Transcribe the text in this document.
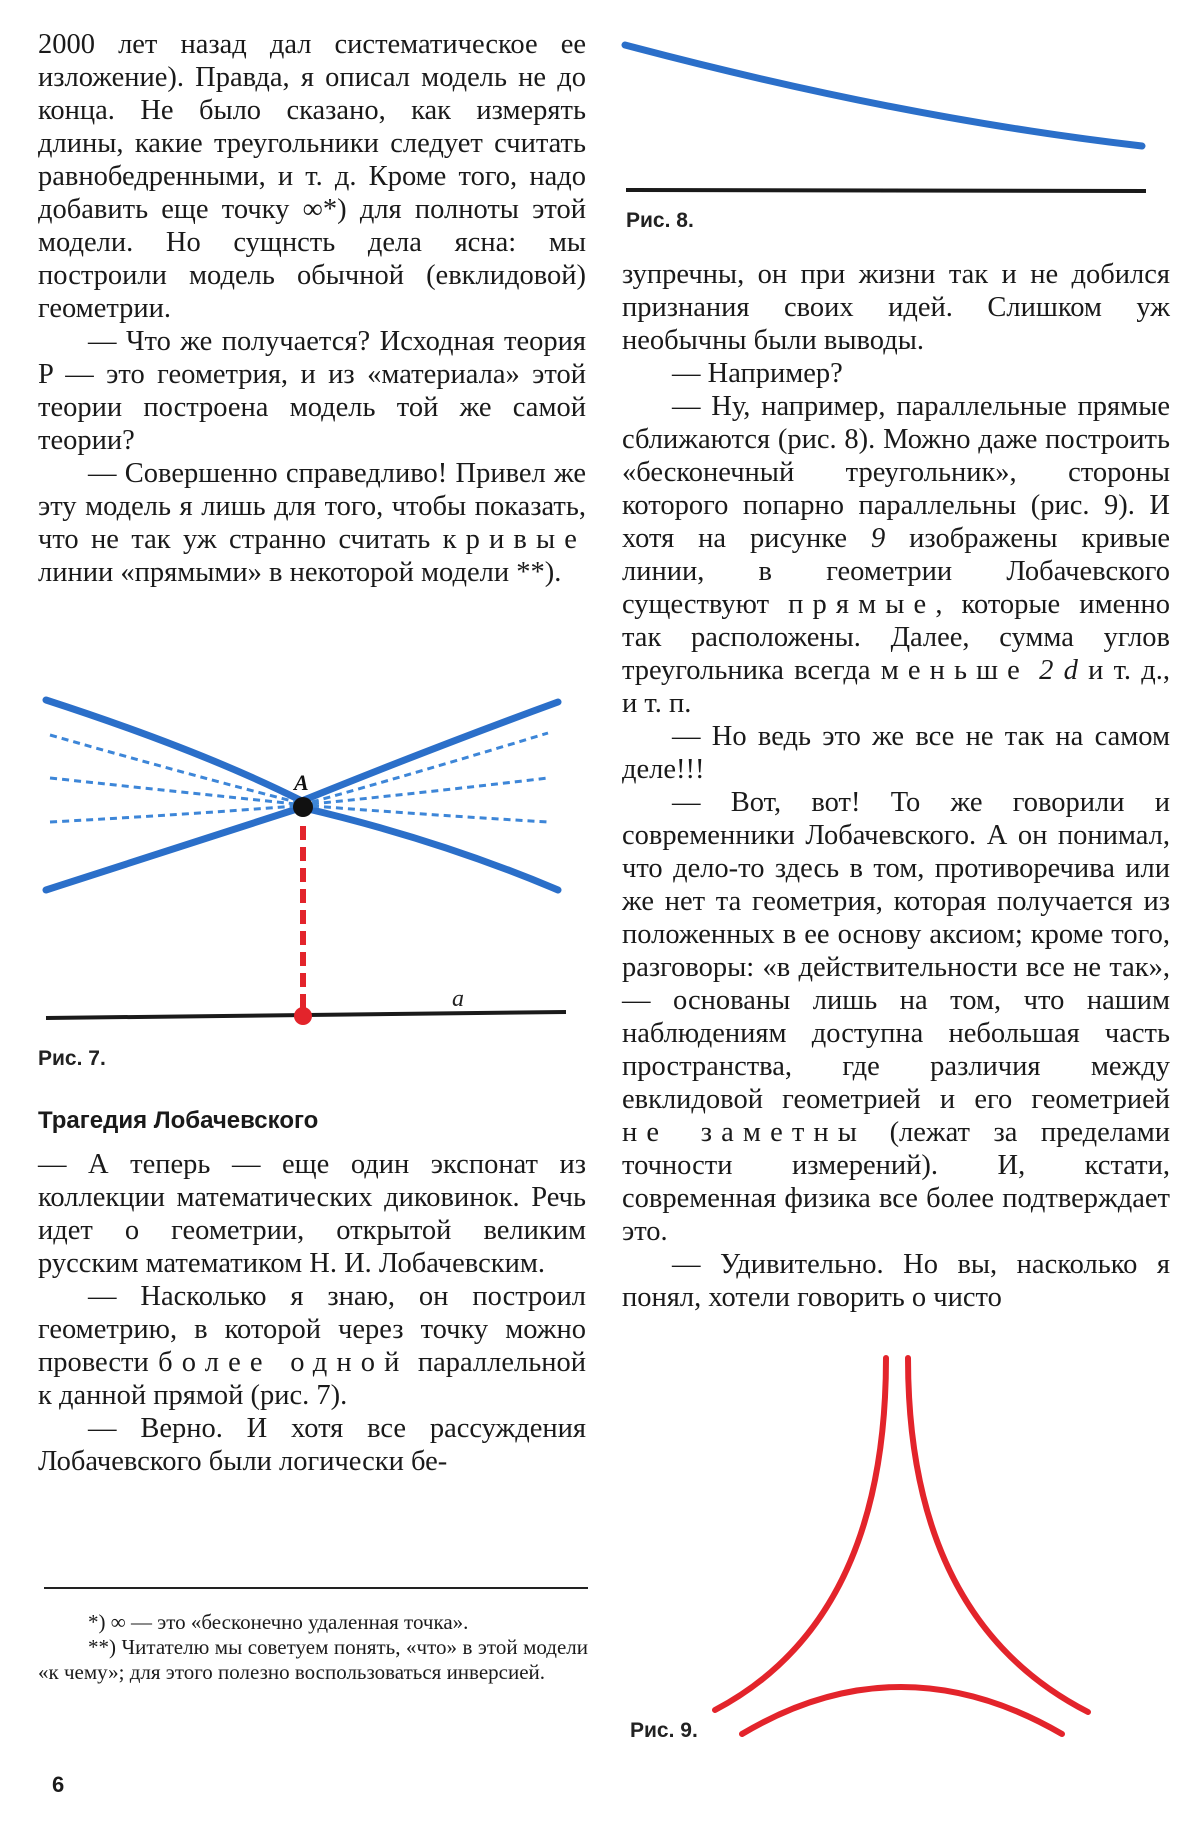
2000 лет назад дал систематическое ее изложение). Правда, я описал модель не до конца. Не было сказано, как измерять длины, какие треугольники следует считать равнобедренными, и т. д. Кроме того, надо добавить еще точку ∞*) для полноты этой модели. Но сущнсть дела ясна: мы построили модель обычной (евклидовой) геометрии.

— Что же получается? Исходная теория P — это геометрия, и из «материала» этой теории построена модель той же самой теории?

— Совершенно справедливо! Привел же эту модель я лишь для того, чтобы показать, что не так уж странно считать кривые линии «прямыми» в некоторой модели **).

A
a
Рис. 7.
Рис. 8.
Рис. 9.
Трагедия Лобачевского

— А теперь — еще один экспонат из коллекции математических диковинок. Речь идет о геометрии, открытой великим русским математиком Н. И. Лобачевским.

— Насколько я знаю, он построил геометрию, в которой через точку можно провести более одной параллельной к данной прямой (рис. 7).

— Верно. И хотя все рассуждения Лобачевского были логически бе-

*) ∞ — это «бесконечно удаленная точка».

**) Читателю мы советуем понять, «что» в этой модели «к чему»; для этого полезно воспользоваться инверсией.

6

зупречны, он при жизни так и не добился признания своих идей. Слишком уж необычны были выводы.

— Например?

— Ну, например, параллельные прямые сближаются (рис. 8). Можно даже построить «бесконечный треугольник», стороны которого попарно параллельны (рис. 9). И хотя на рисунке 9 изображены кривые линии, в геометрии Лобачевского существуют прямые, которые именно так расположены. Далее, сумма углов треугольника всегда меньше 2 d и т. д., и т. п.

— Но ведь это же все не так на самом деле!!!

— Вот, вот! То же говорили и современники Лобачевского. А он понимал, что дело-то здесь в том, противоречива или же нет та геометрия, которая получается из положенных в ее основу аксиом; кроме того, разговоры: «в действительности все не так», — основаны лишь на том, что нашим наблюдениям доступна небольшая часть пространства, где различия между евклидовой геометрией и его геометрией не заметны (лежат за пределами точности измерений). И, кстати, современная физика все более подтверждает это.

— Удивительно. Но вы, насколько я понял, хотели говорить о чисто
